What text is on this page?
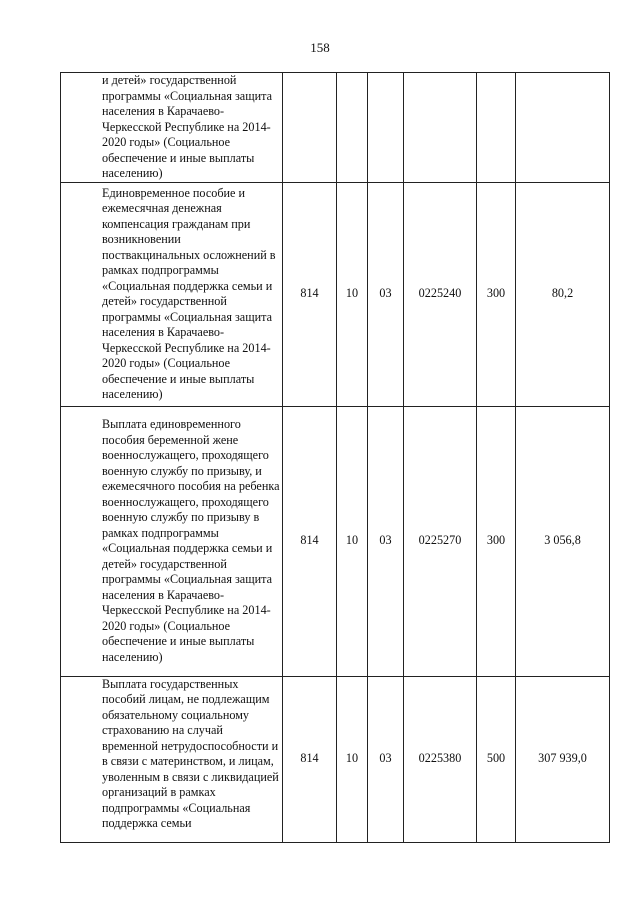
158
и детей» государственной программы «Социальная защита населения в Карачаево-Черкесской Республике на 2014-2020 годы» (Социальное обеспечение и иные выплаты населению)						
Единовременное пособие и ежемесячная денежная компенсация гражданам при возникновении поствакцинальных осложнений в рамках подпрограммы «Социальная поддержка семьи и детей» государственной программы «Социальная защита населения в Карачаево-Черкесской Республике на 2014-2020 годы» (Социальное обеспечение и иные выплаты населению)	814	10	03	0225240	300	80,2
Выплата единовременного пособия беременной жене военнослужащего, проходящего военную службу по призыву, и ежемесячного пособия на ребенка военнослужащего, проходящего военную службу по призыву в рамках подпрограммы «Социальная поддержка семьи и детей» государственной программы «Социальная защита населения в Карачаево-Черкесской Республике на 2014-2020 годы» (Социальное обеспечение и иные выплаты населению)	814	10	03	0225270	300	3 056,8
Выплата государственных пособий лицам, не подлежащим обязательному социальному страхованию на случай временной нетрудоспособности и в связи с материнством, и лицам, уволенным в связи с ликвидацией организаций в рамках подпрограммы «Социальная поддержка семьи	814	10	03	0225380	500	307 939,0
